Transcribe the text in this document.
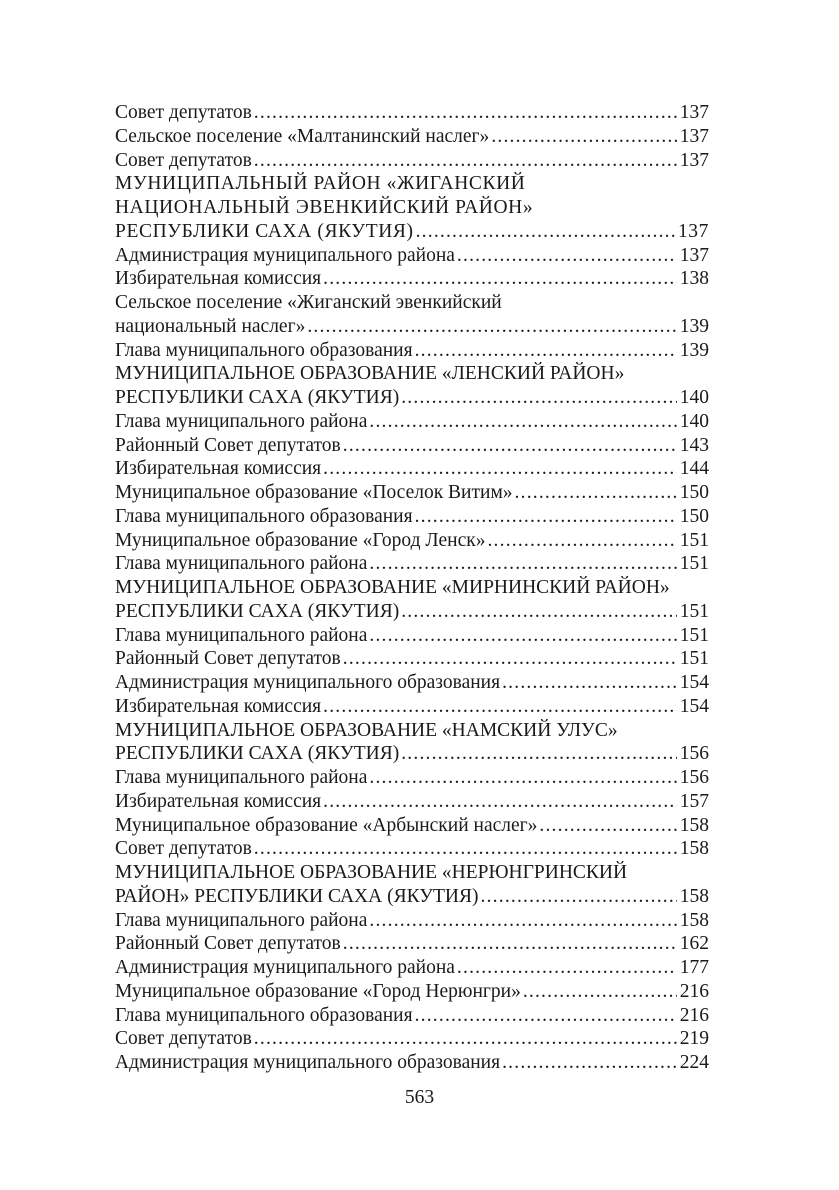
Совет депутатов .....	137
Сельское поселение «Малтанинский наслег» .....	137
Совет депутатов .....	137
МУНИЦИПАЛЬНЫЙ РАЙОН «ЖИГАНСКИЙ
НАЦИОНАЛЬНЫЙ ЭВЕНКИЙСКИЙ РАЙОН»
РЕСПУБЛИКИ САХА (ЯКУТИЯ) .....	137
Администрация муниципального района .....	137
Избирательная комиссия .....	138
Сельское поселение «Жиганский эвенкийский
национальный наслег» .....	139
Глава муниципального образования .....	139
МУНИЦИПАЛЬНОЕ ОБРАЗОВАНИЕ «ЛЕНСКИЙ РАЙОН»
РЕСПУБЛИКИ САХА (ЯКУТИЯ) .....	140
Глава муниципального района .....	140
Районный Совет депутатов .....	143
Избирательная комиссия .....	144
Муниципальное образование «Поселок Витим» .....	150
Глава муниципального образования .....	150
Муниципальное образование «Город Ленск» .....	151
Глава муниципального района .....	151
МУНИЦИПАЛЬНОЕ ОБРАЗОВАНИЕ «МИРНИНСКИЙ РАЙОН»
РЕСПУБЛИКИ САХА (ЯКУТИЯ) .....	151
Глава муниципального района .....	151
Районный Совет депутатов .....	151
Администрация муниципального образования .....	154
Избирательная комиссия .....	154
МУНИЦИПАЛЬНОЕ ОБРАЗОВАНИЕ «НАМСКИЙ УЛУС»
РЕСПУБЛИКИ САХА (ЯКУТИЯ) .....	156
Глава муниципального района .....	156
Избирательная комиссия .....	157
Муниципальное образование «Арбынский наслег» .....	158
Совет депутатов .....	158
МУНИЦИПАЛЬНОЕ ОБРАЗОВАНИЕ «НЕРЮНГРИНСКИЙ
РАЙОН» РЕСПУБЛИКИ САХА (ЯКУТИЯ) .....	158
Глава муниципального района .....	158
Районный Совет депутатов .....	162
Администрация муниципального района .....	177
Муниципальное образование «Город Нерюнгри» .....	216
Глава муниципального образования .....	216
Совет депутатов .....	219
Администрация муниципального образования .....	224
563
